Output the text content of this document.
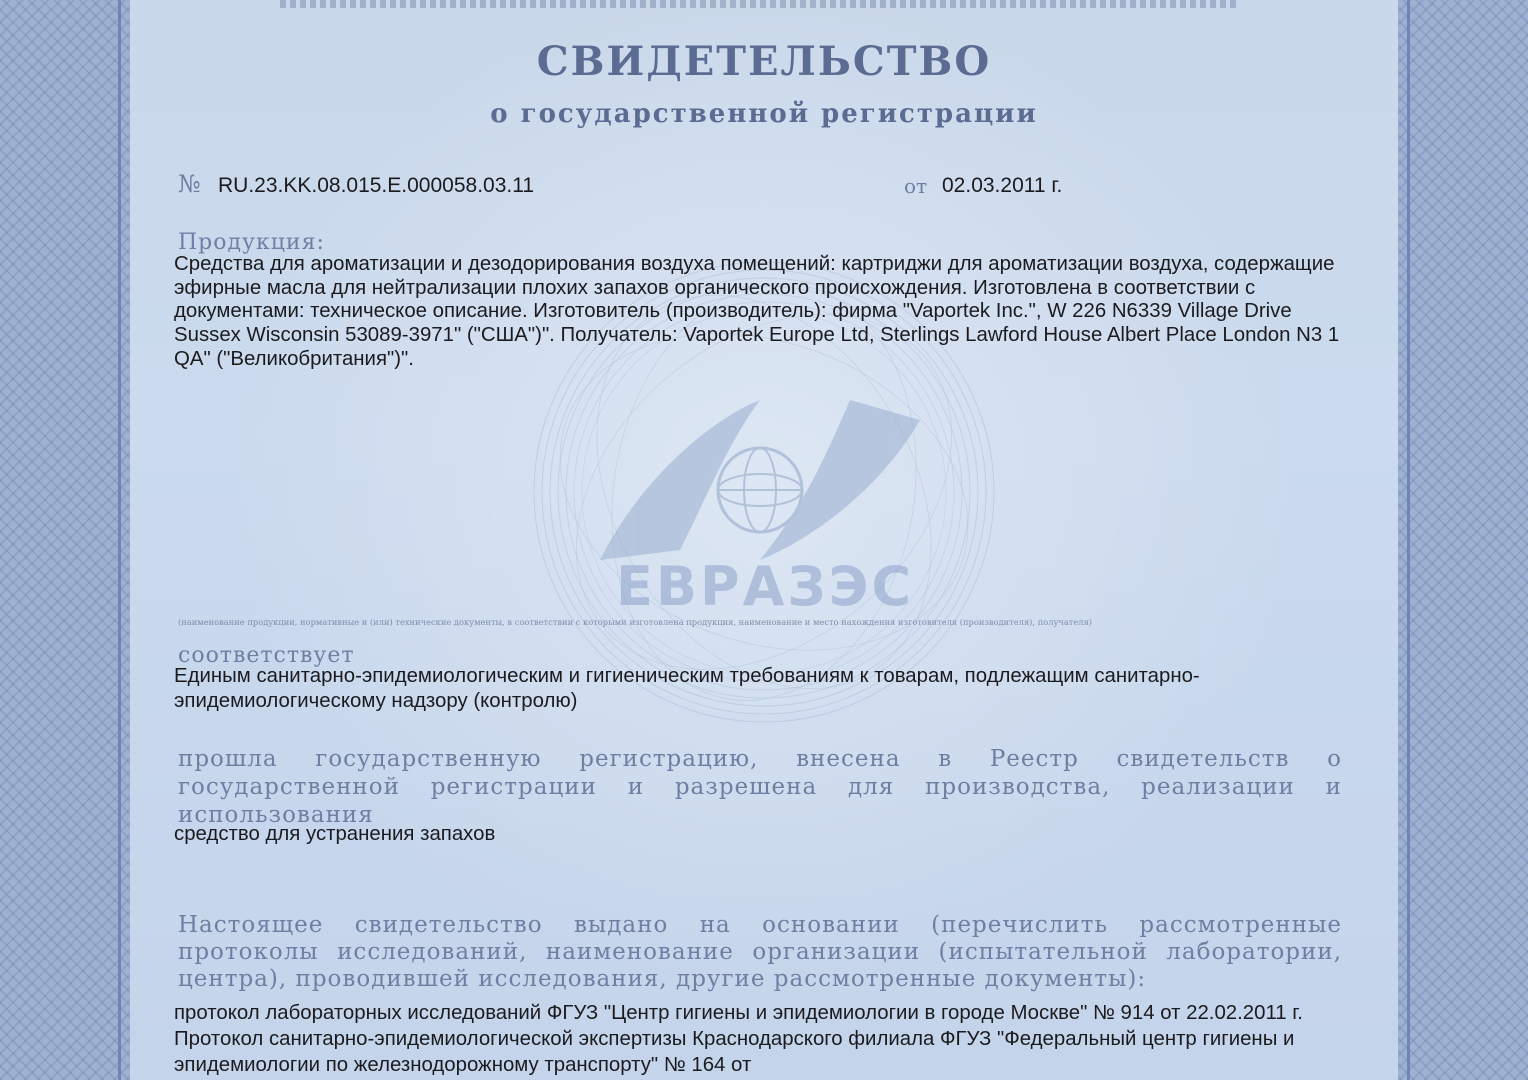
ЕВРАЗЭС
СВИДЕТЕЛЬСТВО
о государственной регистрации
№ RU.23.KK.08.015.E.000058.03.11	от 02.03.2011 г.
Продукция:
Средства для ароматизации и дезодорирования воздуха помещений: картриджи для ароматизации воздуха, содержащие эфирные масла для нейтрализации плохих запахов органического происхождения. Изготовлена в соответствии с документами: техническое описание. Изготовитель (производитель): фирма "Vaportek Inc.", W 226 N6339 Village Drive Sussex Wisconsin 53089-3971" ("США")". Получатель: Vaportek Europe Ltd, Sterlings Lawford House Albert Place London N3 1 QA" ("Великобритания")".
(наименование продукции, нормативные и (или) технические документы, в соответствии с которыми изготовлена продукция, наименование и место нахождения изготовителя (производителя), получателя)
соответствует
Единым санитарно-эпидемиологическим и гигиеническим требованиям к товарам, подлежащим санитарно-эпидемиологическому надзору (контролю)
прошла государственную регистрацию, внесена в Реестр свидетельств о государственной регистрации и разрешена для производства, реализации и использования
средство для устранения запахов
Настоящее свидетельство выдано на основании (перечислить рассмотренные протоколы исследований, наименование организации (испытательной лаборатории, центра), проводившей исследования, другие рассмотренные документы):
протокол лабораторных исследований ФГУЗ "Центр гигиены и эпидемиологии в городе Москве" № 914 от 22.02.2011 г. Протокол санитарно-эпидемиологической экспертизы Краснодарского филиала ФГУЗ "Федеральный центр гигиены и эпидемиологии по железнодорожному транспорту" № 164 от
